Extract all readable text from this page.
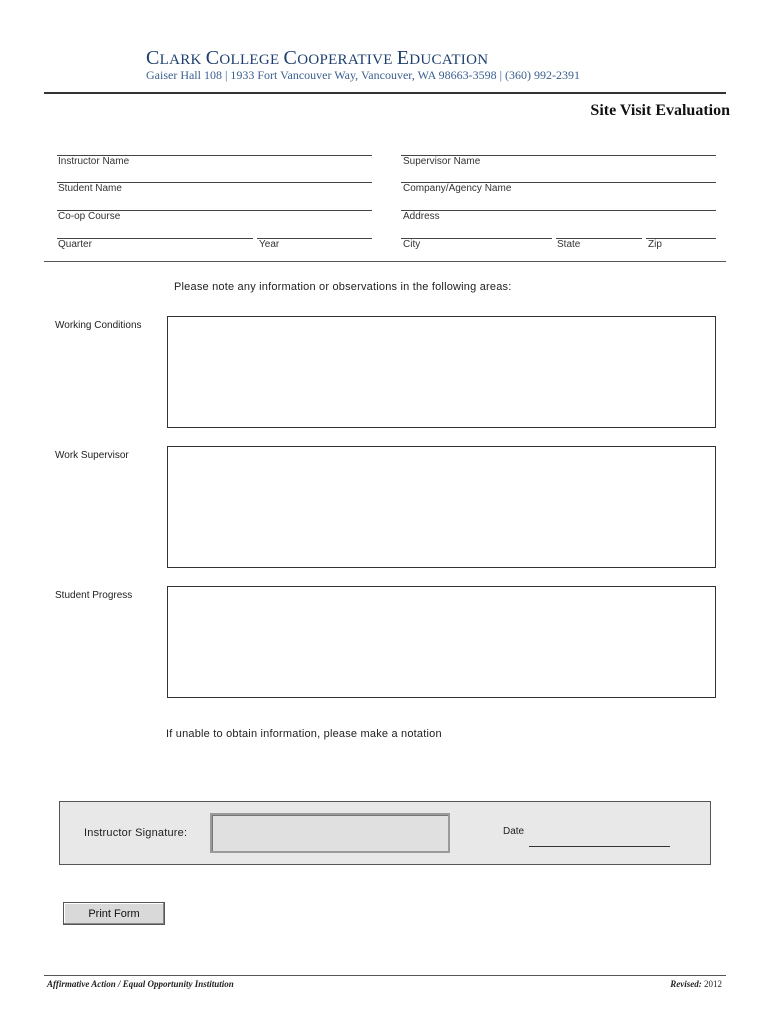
CLARK COLLEGE COOPERATIVE EDUCATION
Gaiser Hall 108 | 1933 Fort Vancouver Way, Vancouver, WA 98663-3598 | (360) 992-2391
Site Visit Evaluation
Instructor Name	Supervisor Name
Student Name	Company/Agency Name
Co-op Course	Address
Quarter	Year	City	State	Zip
Please note any information or observations in the following areas:
Working Conditions
Work Supervisor
Student Progress
If unable to obtain information, please make a notation
Instructor Signature:	Date
Print Form
Affirmative Action / Equal Opportunity Institution	Revised: 2012
